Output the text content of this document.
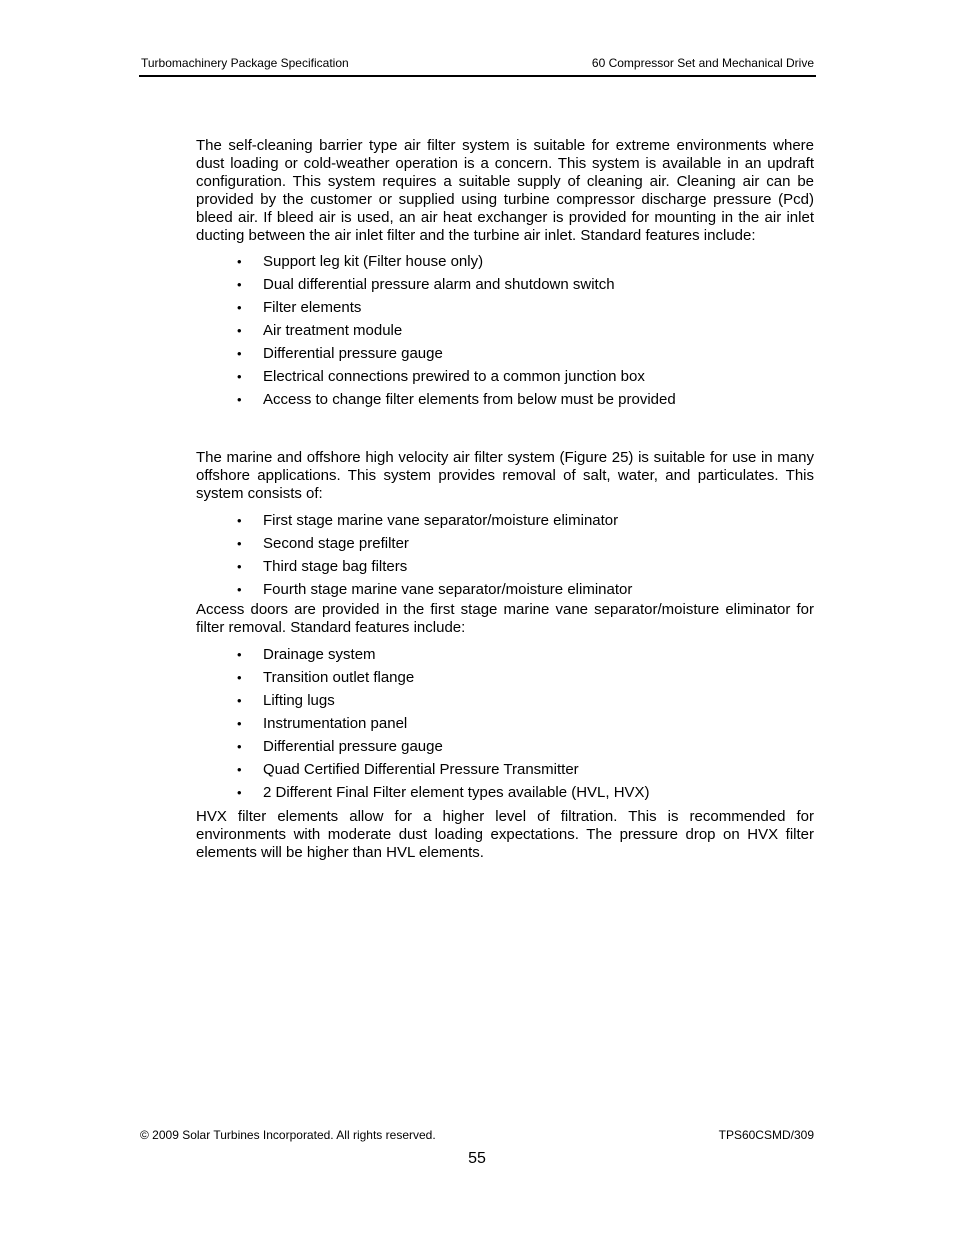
Turbomachinery Package Specification	60 Compressor Set and Mechanical Drive

The self-cleaning barrier type air filter system is suitable for extreme environments where dust loading or cold-weather operation is a concern. This system is available in an updraft configuration. This system requires a suitable supply of cleaning air. Cleaning air can be provided by the customer or supplied using turbine compressor discharge pressure (Pcd) bleed air. If bleed air is used, an air heat exchanger is provided for mounting in the air inlet ducting between the air inlet filter and the turbine air inlet. Standard features include:

• Support leg kit (Filter house only)
• Dual differential pressure alarm and shutdown switch
• Filter elements
• Air treatment module
• Differential pressure gauge
• Electrical connections prewired to a common junction box
• Access to change filter elements from below must be provided

The marine and offshore high velocity air filter system (Figure 25) is suitable for use in many offshore applications. This system provides removal of salt, water, and particulates. This system consists of:

• First stage marine vane separator/moisture eliminator
• Second stage prefilter
• Third stage bag filters
• Fourth stage marine vane separator/moisture eliminator

Access doors are provided in the first stage marine vane separator/moisture eliminator for filter removal. Standard features include:

• Drainage system
• Transition outlet flange
• Lifting lugs
• Instrumentation panel
• Differential pressure gauge
• Quad Certified Differential Pressure Transmitter
• 2 Different Final Filter element types available (HVL, HVX)

HVX filter elements allow for a higher level of filtration. This is recommended for environments with moderate dust loading expectations. The pressure drop on HVX filter elements will be higher than HVL elements.

© 2009 Solar Turbines Incorporated. All rights reserved.	TPS60CSMD/309
55
